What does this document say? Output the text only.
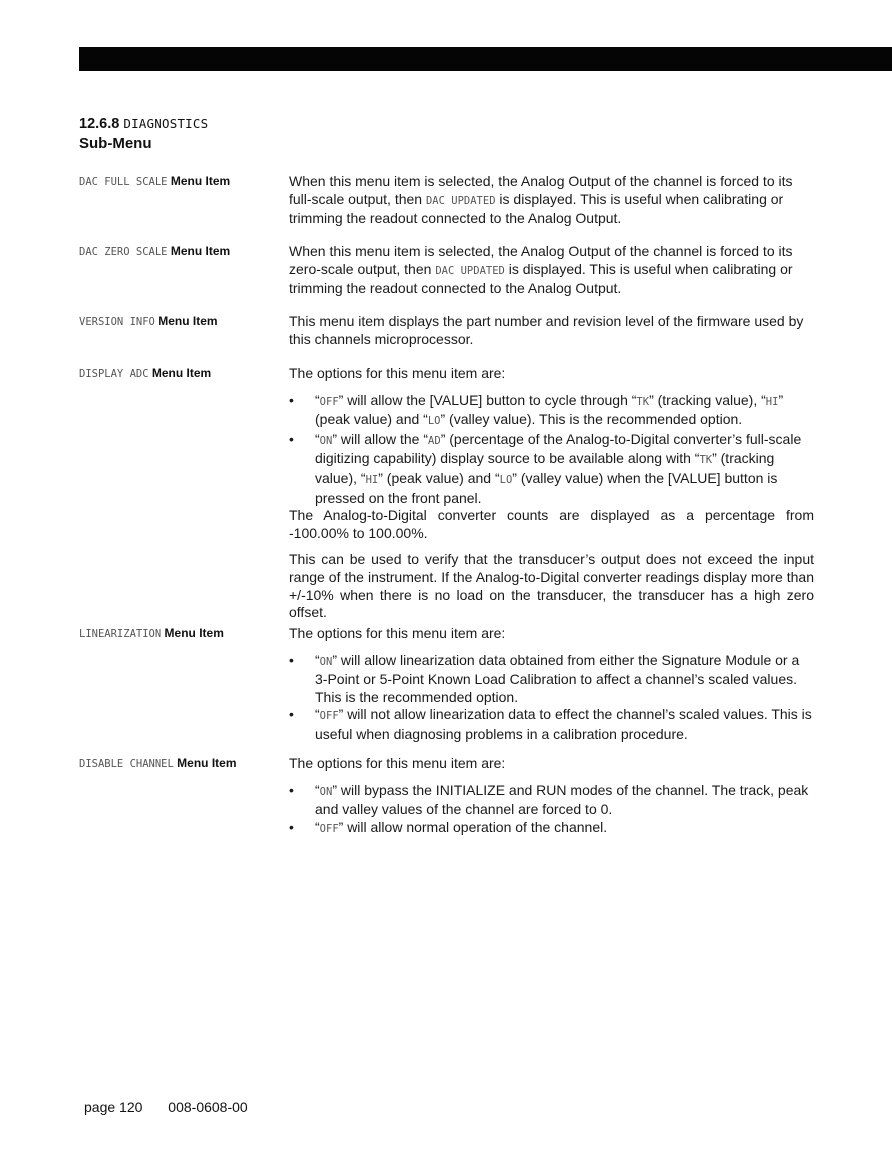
12.6.8 DIAGNOSTICS
Sub-Menu
DAC FULL SCALE Menu Item	When this menu item is selected, the Analog Output of the channel is forced to its full-scale output, then DAC UPDATED is displayed. This is useful when calibrating or trimming the readout connected to the Analog Output.

DAC ZERO SCALE Menu Item	When this menu item is selected, the Analog Output of the channel is forced to its zero-scale output, then DAC UPDATED is displayed. This is useful when calibrating or trimming the readout connected to the Analog Output.

VERSION INFO Menu Item	This menu item displays the part number and revision level of the firmware used by this channels microprocessor.

DISPLAY ADC Menu Item	The options for this menu item are:

• “OFF” will allow the [VALUE] button to cycle through “TK” (tracking value), “HI” (peak value) and “LO” (valley value). This is the recommended option.
• “ON” will allow the “AD” (percentage of the Analog-to-Digital converter’s full-scale digitizing capability) display source to be available along with “TK” (tracking value), “HI” (peak value) and “LO” (valley value) when the [VALUE] button is pressed on the front panel.

The Analog-to-Digital converter counts are displayed as a percentage from -100.00% to 100.00%.

This can be used to verify that the transducer’s output does not exceed the input range of the instrument. If the Analog-to-Digital converter readings display more than +/-10% when there is no load on the transducer, the transducer has a high zero offset.

LINEARIZATION Menu Item	The options for this menu item are:

• “ON” will allow linearization data obtained from either the Signature Module or a 3-Point or 5-Point Known Load Calibration to affect a channel’s scaled values. This is the recommended option.
• “OFF” will not allow linearization data to effect the channel’s scaled values. This is useful when diagnosing problems in a calibration procedure.
DISABLE CHANNEL Menu Item	The options for this menu item are:

• “ON” will bypass the INITIALIZE and RUN modes of the channel. The track, peak and valley values of the channel are forced to 0.
• “OFF” will allow normal operation of the channel.
page 120 008-0608-00
